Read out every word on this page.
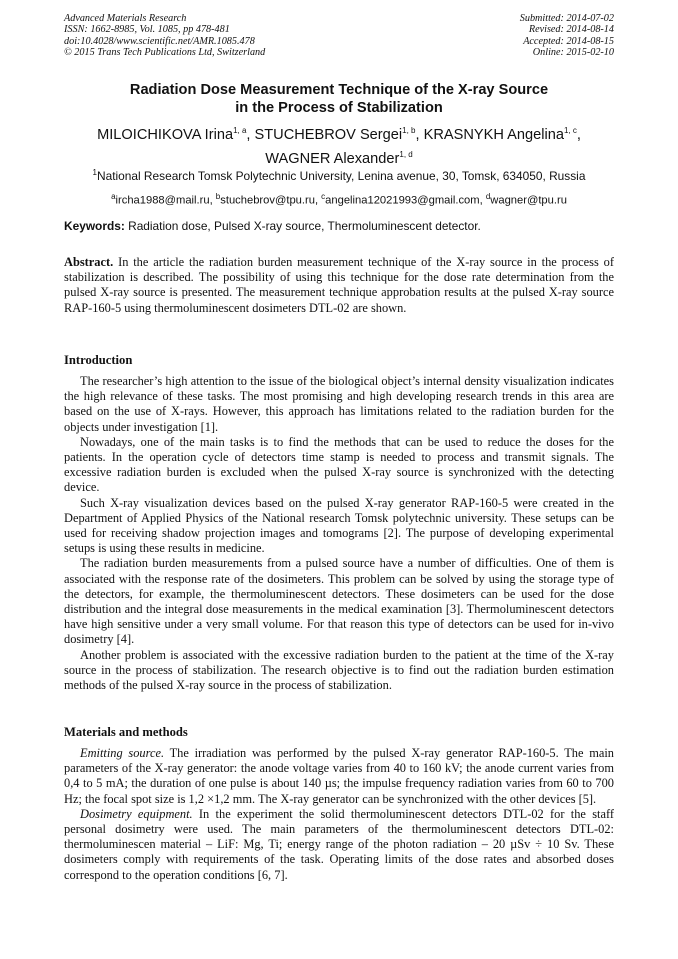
Advanced Materials Research
ISSN: 1662-8985, Vol. 1085, pp 478-481
doi:10.4028/www.scientific.net/AMR.1085.478
© 2015 Trans Tech Publications Ltd, Switzerland
Submitted: 2014-07-02
Revised: 2014-08-14
Accepted: 2014-08-15
Online: 2015-02-10
Radiation Dose Measurement Technique of the X-ray Source
in the Process of Stabilization
MILOICHIKOVA Irina$^{1, a}$, STUCHEBROV Sergei$^{1, b}$, KRASNYKH Angelina$^{1, c}$,
WAGNER Alexander$^{1, d}$
$^1$National Research Tomsk Polytechnic University, Lenina avenue, 30, Tomsk, 634050, Russia
$^a$ircha1988@mail.ru, $^b$stuchebrov@tpu.ru, $^c$angelina12021993@gmail.com, $^d$wagner@tpu.ru
Keywords: Radiation dose, Pulsed X-ray source, Thermoluminescent detector.

Abstract. In the article the radiation burden measurement technique of the X-ray source in the process of stabilization is described. The possibility of using this technique for the dose rate determination from the pulsed X-ray source is presented. The measurement technique approbation results at the pulsed X-ray source RAP-160-5 using thermoluminescent dosimeters DTL-02 are shown.

Introduction

The researcher’s high attention to the issue of the biological object’s internal density visualization indicates the high relevance of these tasks. The most promising and high developing research trends in this area are based on the use of X-rays. However, this approach has limitations related to the radiation burden for the objects under investigation [1].

Nowadays, one of the main tasks is to find the methods that can be used to reduce the doses for the patients. In the operation cycle of detectors time stamp is needed to process and transmit signals. The excessive radiation burden is excluded when the pulsed X-ray source is synchronized with the detecting device.

Such X-ray visualization devices based on the pulsed X-ray generator RAP-160-5 were created in the Department of Applied Physics of the National research Tomsk polytechnic university. These setups can be used for receiving shadow projection images and tomograms [2]. The purpose of developing experimental setups is using these results in medicine.

The radiation burden measurements from a pulsed source have a number of difficulties. One of them is associated with the response rate of the dosimeters. This problem can be solved by using the storage type of the detectors, for example, the thermoluminescent detectors. These dosimeters can be used for the dose distribution and the integral dose measurements in the medical examination [3]. Thermoluminescent detectors have high sensitive under a very small volume. For that reason this type of detectors can be used for in-vivo dosimetry [4].

Another problem is associated with the excessive radiation burden to the patient at the time of the X-ray source in the process of stabilization. The research objective is to find out the radiation burden estimation methods of the pulsed X-ray source in the process of stabilization.

Materials and methods

Emitting source. The irradiation was performed by the pulsed X-ray generator RAP-160-5. The main parameters of the X-ray generator: the anode voltage varies from 40 to 160 kV; the anode current varies from 0,4 to 5 mA; the duration of one pulse is about 140 µs; the impulse frequency radiation varies from 60 to 700 Hz; the focal spot size is 1,2 ×1,2 mm. The X-ray generator can be synchronized with the other devices [5].

Dosimetry equipment. In the experiment the solid thermoluminescent detectors DTL-02 for the staff personal dosimetry were used. The main parameters of the thermoluminescent detectors DTL-02: thermoluminescen material – LiF: Mg, Ti; energy range of the photon radiation – 20 µSv ÷ 10 Sv. These dosimeters comply with requirements of the task. Operating limits of the dose rates and absorbed doses correspond to the operation conditions [6, 7].
